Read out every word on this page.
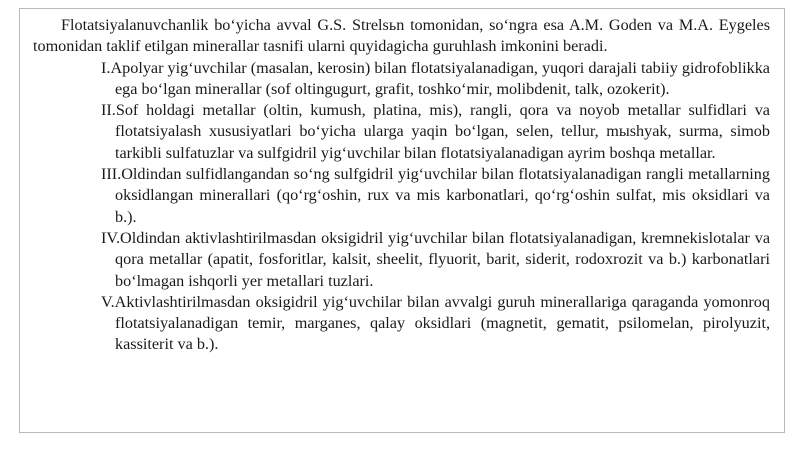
Flotatsiyalanuvchanlik bo‘yicha avval G.S. Strelsьn tomonidan, so‘ngra esa A.M. Goden va M.A. Eygeles tomonidan taklif etilgan minerallar tasnifi ularni quyidagicha guruhlash imkonini beradi.

I.Apolyar yig‘uvchilar (masalan, kerosin) bilan flotatsiyalanadigan, yuqori darajali tabiiy gidrofoblikka ega bo‘lgan minerallar (sof oltingugurt, grafit, toshko‘mir, molibdenit, talk, ozokerit).
II.Sof holdagi metallar (oltin, kumush, platina, mis), rangli, qora va noyob metallar sulfidlari va flotatsiyalash xususiyatlari bo‘yicha ularga yaqin bo‘lgan, selen, tellur, mыshyak, surma, simob tarkibli sulfatuzlar va sulfgidril yig‘uvchilar bilan flotatsiyalanadigan ayrim boshqa metallar.
III.Oldindan sulfidlangandan so‘ng sulfgidril yig‘uvchilar bilan flotatsiyalanadigan rangli metallarning oksidlangan minerallari (qo‘rg‘oshin, rux va mis karbonatlari, qo‘rg‘oshin sulfat, mis oksidlari va b.).
IV.Oldindan aktivlashtirilmasdan oksigidril yig‘uvchilar bilan flotatsiyalanadigan, kremnekislotalar va qora metallar (apatit, fosforitlar, kalsit, sheelit, flyuorit, barit, siderit, rodoxrozit va b.) karbonatlari bo‘lmagan ishqorli yer metallari tuzlari.
V.Aktivlashtirilmasdan oksigidril yig‘uvchilar bilan avvalgi guruh minerallariga qaraganda yomonroq flotatsiyalanadigan temir, marganes, qalay oksidlari (magnetit, gematit, psilomelan, pirolyuzit, kassiterit va b.).
